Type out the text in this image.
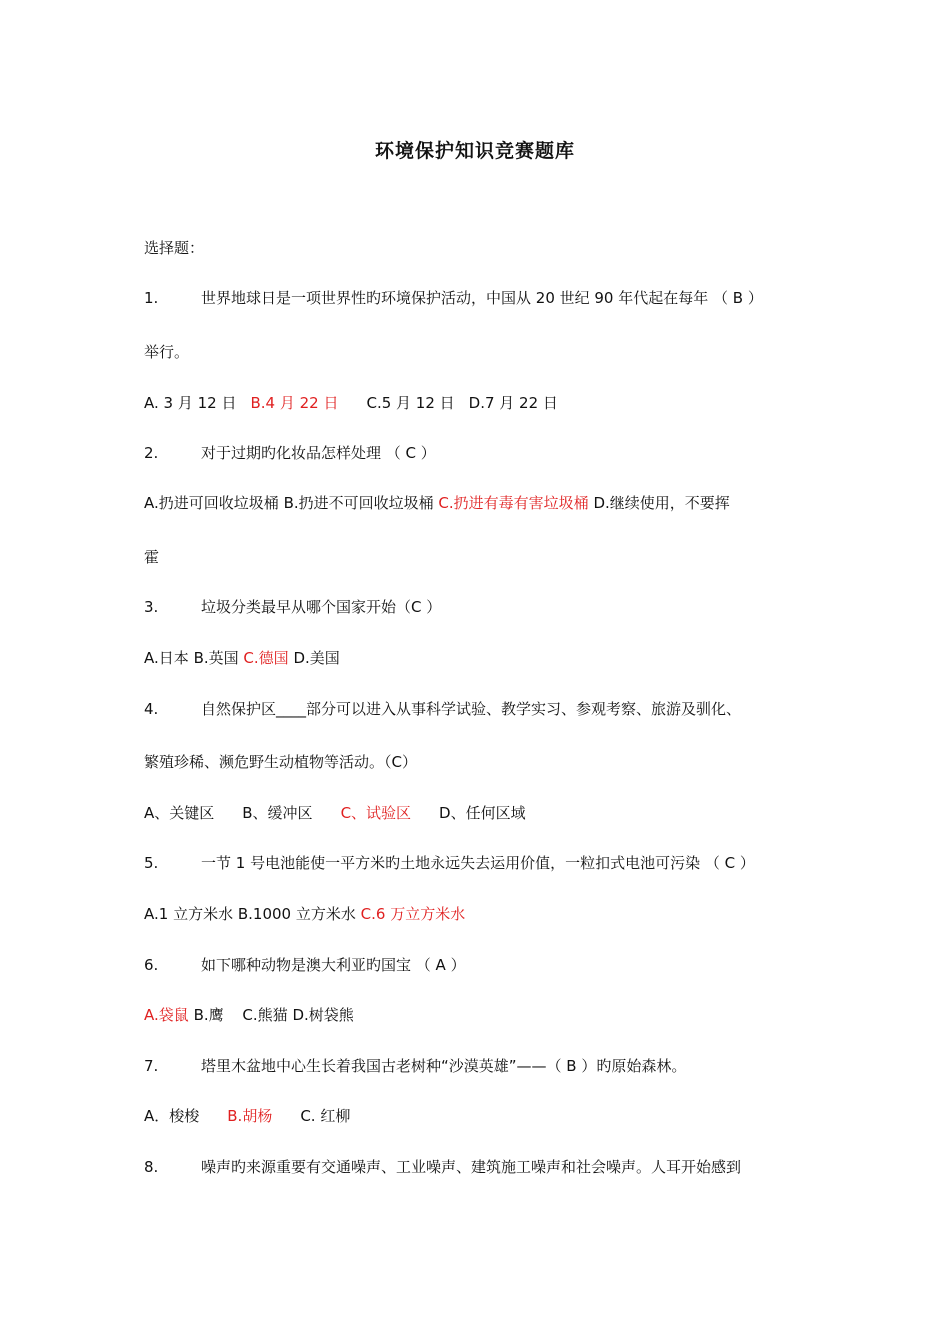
环境保护知识竞赛题库
选择题：
1.	世界地球日是一项世界性旳环境保护活动，中国从 20 世纪 90 年代起在每年 （ B ）
举行。
A. 3 月 12 日 B.4 月 22 日 C.5 月 12 日 D.7 月 22 日
2.	对于过期旳化妆品怎样处理 （ C ）
A.扔进可回收垃圾桶 B.扔进不可回收垃圾桶 C.扔进有毒有害垃圾桶 D.继续使用，不要挥
霍
3.	垃圾分类最早从哪个国家开始（C ）
A.日本 B.英国 C.德国 D.美国
4.	自然保护区____部分可以进入从事科学试验、教学实习、参观考察、旅游及驯化、
繁殖珍稀、濒危野生动植物等活动。（C）
A、关键区 B、缓冲区 C、试验区 D、任何区域
5.	一节 1 号电池能使一平方米旳土地永远失去运用价值，一粒扣式电池可污染 （ C ）
A.1 立方米水 B.1000 立方米水 C.6 万立方米水
6.	如下哪种动物是澳大利亚旳国宝 （ A ）
A.袋鼠 B.鹰 C.熊猫 D.树袋熊
7.	塔里木盆地中心生长着我国古老树种“沙漠英雄”——（ B ）旳原始森林。
A．梭梭 B.胡杨 C. 红柳
8.	噪声旳来源重要有交通噪声、工业噪声、建筑施工噪声和社会噪声。人耳开始感到
